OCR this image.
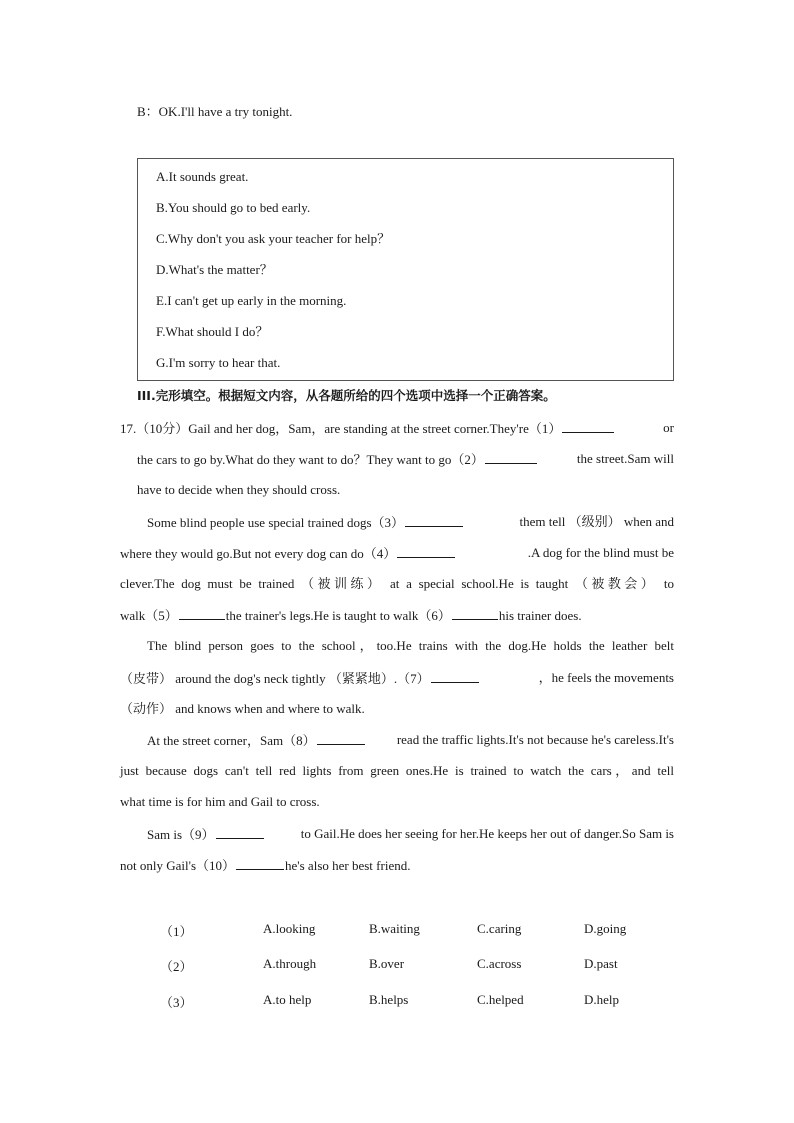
B：OK.I'll have a try tonight.
A.It sounds great.
B.You should go to bed early.
C.Why don't you ask your teacher for help？
D.What's the matter？
E.I can't get up early in the morning.
F.What should I do？
G.I'm sorry to hear that.
III.完形填空。根据短文内容，从各题所给的四个选项中选择一个正确答案。
17.（10分）Gail and her dog，Sam，are standing at the street corner.They're（1）	or
the cars to go by.What do they want to do？They want to go（2）	the street.Sam will
have to decide when they should cross.
Some blind people use special trained dogs（3）	them tell （级别） when and
where they would go.But not every dog can do（4）	.A dog for the blind must be
clever.The dog must be trained （被训练） at a special school.He is taught （被教会） to
walk（5）	the trainer's legs.He is taught to walk（6）	his trainer does.
The blind person goes to the school，too.He trains with the dog.He holds the leather belt
（皮带） around the dog's neck tightly （紧紧地）.（7）	，he feels the movements
（动作） and knows when and where to walk.
At the street corner，Sam（8）	read the traffic lights.It's not because he's careless.It's
just because dogs can't tell red lights from green ones.He is trained to watch the cars，and tell
what time is for him and Gail to cross.
Sam is（9）	to Gail.He does her seeing for her.He keeps her out of danger.So Sam is
not only Gail's（10）	he's also her best friend.
（1）	A.looking	B.waiting	C.caring	D.going
（2）	A.through	B.over	C.across	D.past
（3）	A.to help	B.helps	C.helped	D.help
